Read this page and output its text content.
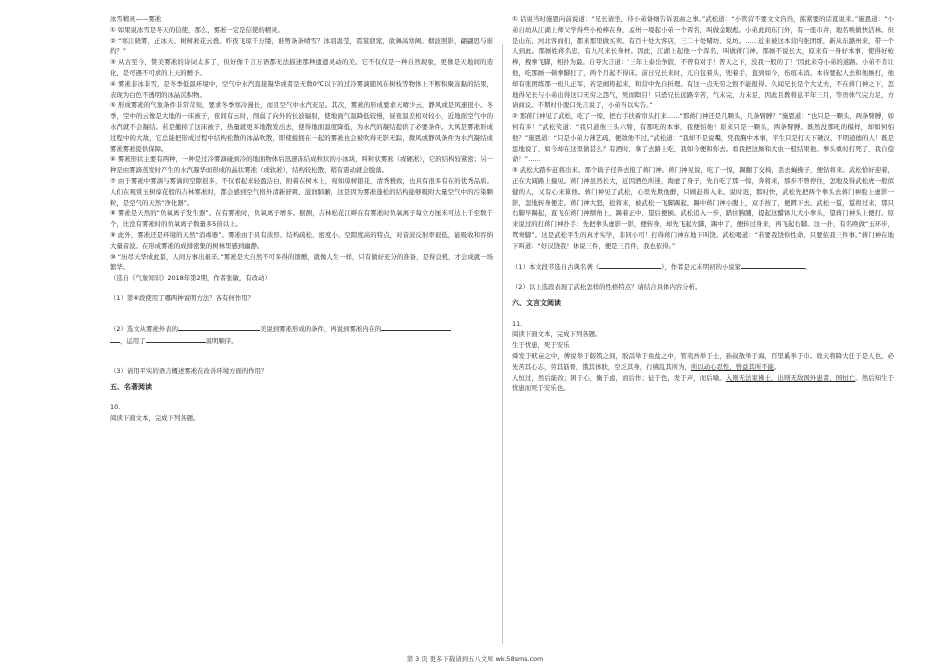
冰雪精灵——雾凇

① 如果说冰雪是冬天的信使，那么，雾凇一定是信使的精灵。

② “寒江晓雾，正冰天、树树凇花云叠。昨夜飞琼千万缕，谁剪条条晴雪？冰羽温莹，霓裳窈窕，欲舞高寒阙。烟波照影，翩翩思与谁约？”

③ 从古至今，赞美雾凇的诗词太多了，但好像千言万语都无法描述那种遗遗灵动的美。它不仅仅是一种自然现象，更像是天地间的造化，是可遇不可求的上天的赠予。

④ 雾凇非冰非雪，是冬季低温环境中，空气中水汽直接凝华或者是无数0℃以下的过冷雾滴随风在树枝等物体上不断积聚冻黏的结果，表现为白色不透明的冰晶沉积物。

⑤ 形成雾凇的气象条件非常苛刻，要求冬季寒冷漫长，而且空气中水汽充足。其次，雾凇的形成要求天晴少云，静风或是风速很小。冬季，空中的云像是大地的一床被子，夜间有云时，削弱了向外的长波辐射，使地面气温降低较慢，昼夜温差相对较小，近地面空气中的水汽就不会凝结。若是撤掉了这床被子，热量就更多地散发出去，使得地面温度降低，为水汽的凝结提供了必要条件。大风是雾凇形成过程中的大敌，它总能把形成过程中结构松散的冰晶吹散，即使披拥在一起的雾凇也会被吹得无影无踪，微风或静风条件为水汽凝结成雾凇雾凇提供保障。

⑥ 雾凇形状主要有两种，一种是过冷雾滴碰到冷的地面物体后迅速冻结成粒状的小冰块，叫粒状雾凇（或硬凇），它的结构较紧密；另一种是由雾滴蒸发时产生的水汽凝华而形成的晶状雾凇（或软凇），结构较松散，稍有震动就会脱落。

⑦ 由于雾凇中雾滴与雾滴间空隙很多，不仅看起来轻盈洁白，附着在树木上，宛如琼树银花，清秀雅致，也具有很多有在的优秀品质。人们在观赏玉树琼花般的吉林雾凇时，都会感到空气格外清新舒爽、滋润肺腑，这是因为雾凇蓬松的结构能够吸附大量空气中的污染颗粒，是空气的天然“净化器”。

⑧ 雾凇是天然的“负氧离子发生器”。在有雾凇时，负氧离子增多。据测，吉林松花江畔在有雾凇时负氧离子每立方厘米可达上千至数千个，比没有雾凇时的负氧离子数量多5倍以上。

⑨ 此外，雾凇还是环境的天然“消毒器”。雾凇由于具有浓厚、结构疏松、密度小、空隙度高的特点，对音波反射率很低，能吸收和容纳大量音波。在形成雾凇的成排密集的树林里感到幽静。

⑩ “历尽天华成此景，人间万事出艰辛。”雾凇是大自然不可多得的馈赠，就像人生一样，只有做好充分的准备，是得良机，才会成就一场繁华。

（选自《气象知识》2018年第2期，作者张敏，有改动）

（1）第⑥段使用了哪两种说明方法？各有何作用？

（2）选文从雾凇外表的	美说到雾凇形成的条件，再说到雾凇内在的
，运用了	说明顺序。

（3）请用平实的语言概述雾凇在改善环境方面的作用？

五、名著阅读

10.

阅读下面文本，完成下列各题。

① 话说当时施恩向前说道：“兄长请坐，待小弟备细告诉衷曲之事。”武松道：“小管营不要文文诌诌，拣紧要的话直说来。”施恩道：“小弟自幼从江湖上师父学得些小枪棒在身，孟州一境起小弟一个诨名，叫做金眼彪。小弟此间东门外，有一座市井，地名唤做快活林。但是山东、河北客商们，都来那里做买卖。有百十处大客店，三二十处赌坊、兑坊。……近来被这本营内张团练，新从东潞州来，带一个人到此。那厮姓蒋名忠，有九尺来长身材。因此，江湖上起他一个浑名，叫做蒋门神。那厮不说长大，原来有一身好本事，使得好枪棒，拽拳飞脚，相扑为最。自夸大言道：‘三年上泰岳争跤，不曾有对手！普天之下，没我一般的了！’因此来夺小弟的道路。小弟不肯让他，吃那厮一顿拳脚打了，两个月起不得床。前日兄长来时，兀自包着头，兜着手，直到如今，伤痕未消。本待要起人去和他厮打，他却有张团练那一班儿正军，若是闹将起来，和营中先自折理。有这一点无穷之恨不能报得。久闻兄长是个大丈夫，不在蒋门神之下，怎地得兄长与小弟出得这口无穷之怨气，死而瞑目！只恐兄长远路辛苦，气未完，力未足，因此且教将息半年三月，等贵体气完力足，方请商议。不期村仆脱口先言说了，小弟当以实告。”

② 那蒋门神见了武松，吃了一惊，把右手扶着帘头打来……“那蒋门神还是几颗头，几条臂膊？”施恩道：“也只是一颗头，两条臂膊，如何有多！”武松笑道：“我只道他三头六臂，有那吒的本事，我便怕他！原来只是一颗头，两条臂膊。既然没那吒的模样，却如何怕他？”施恩道：“只是小弟力薄艺疏，便敌他不过。”武松道：“我却不是说嘴，凭我胸中本事，平生只是打天下硬汉、不明道德的人！既是恁地说了，如今却在这里做甚么？有酒时，拿了去路上吃，我如今便和你去。看我把这厮和大虫一般结果他。拳头重时打死了，我自偿命！”……

③ 武松大踏步赶将出来。那个捣子径奔去报了蒋门神。蒋门神见说，吃了一惊，踢翻了交椅，丢去蝇拂子，便钻将来。武松恰好迎着，正在大阔路上撞见。蒋门神虽然长大，近因酒色所迷，淘虚了身子，先自吃了那一惊，奔将来，那步不曾停住，怎地及得武松虎一般似健的人，又有心来算他。蒋门神见了武松，心里先欺他醉，只顾赶将入来。说时迟，那时快，武松先把两个拳头去蒋门神脸上虚影一影，忽地转身便走。蒋门神大怒，抢将来，被武松一飞脚踢起，踢中蒋门神小腹上，双手按了，便蹲下去。武松一踅，踅将过来，那只右脚早踢起，直飞在蒋门神额角上，踢着正中，望后便倒。武松追入一步，踏住胸脯，提起这醋钵儿大小拳头，望蒋门神头上便打。原来说过的打蒋门神扑手：先把拳头虚影一影，便转身，却先飞起左脚，踢中了，便转过身来，再飞起右脚。这一扑，有名唤做“玉环步，鸳鸯脚”。这是武松平生的真才实学，非同小可！打得蒋门神在地下叫饶。武松喝道：“若要我饶你性命，只要依我三件事。”蒋门神在地下叫道：“好汉饶我！休说三件，便是三百件，我也依得。”

（1）本文段节选自古典名著《	》，作者是元末明初的小说家	。

（2）以上选段表现了武松怎样的性格特点？请结合具体内容分析。

六、文言文阅读

11.

阅读下面文本，完成下列各题。

生于忧患，死于安乐

舜发于畎亩之中，傅说举于版筑之间，胶鬲举于鱼盐之中，管夷吾举于士，孙叔敖举于海，百里奚举于市。故天将降大任于是人也，必先苦其心志，劳其筋骨，饿其体肤，空乏其身，行拂乱其所为，所以动心忍性，曾益其所不能。

人恒过，然后能改；困于心，衡于虑，而后作；征于色，发于声，而后喻。入则无法家拂士，出则无敌国外患者，国恒亡。然后知生于忧患而死于安乐也。

第 3 页 更多下载请到五八文库 wk.58sms.com
